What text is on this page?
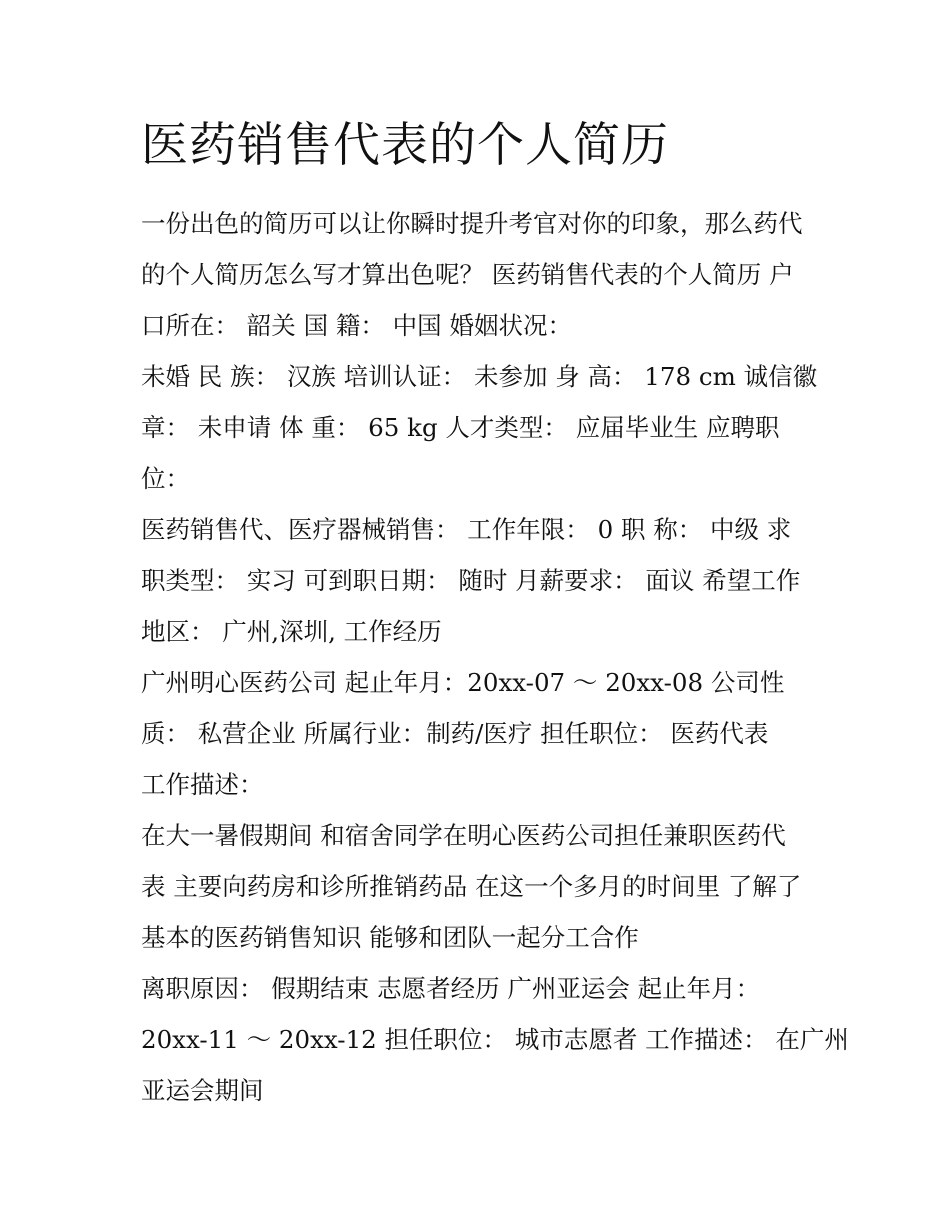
医药销售代表的个人简历
一份出色的简历可以让你瞬时提升考官对你的印象，那么药代
的个人简历怎么写才算出色呢？ 医药销售代表的个人简历 户
口所在： 韶关 国 籍： 中国 婚姻状况：
未婚 民 族： 汉族 培训认证： 未参加 身 高： 178 cm 诚信徽
章： 未申请 体 重： 65 kg 人才类型： 应届毕业生 应聘职
位：
医药销售代、医疗器械销售： 工作年限： 0 职 称： 中级 求
职类型： 实习 可到职日期： 随时 月薪要求： 面议 希望工作
地区： 广州,深圳, 工作经历
广州明心医药公司 起止年月：20xx-07 ～ 20xx-08 公司性
质： 私营企业 所属行业：制药/医疗 担任职位： 医药代表
工作描述：
在大一暑假期间 和宿舍同学在明心医药公司担任兼职医药代
表 主要向药房和诊所推销药品 在这一个多月的时间里 了解了
基本的医药销售知识 能够和团队一起分工合作
离职原因： 假期结束 志愿者经历 广州亚运会 起止年月：
20xx-11 ～ 20xx-12 担任职位： 城市志愿者 工作描述： 在广州
亚运会期间
